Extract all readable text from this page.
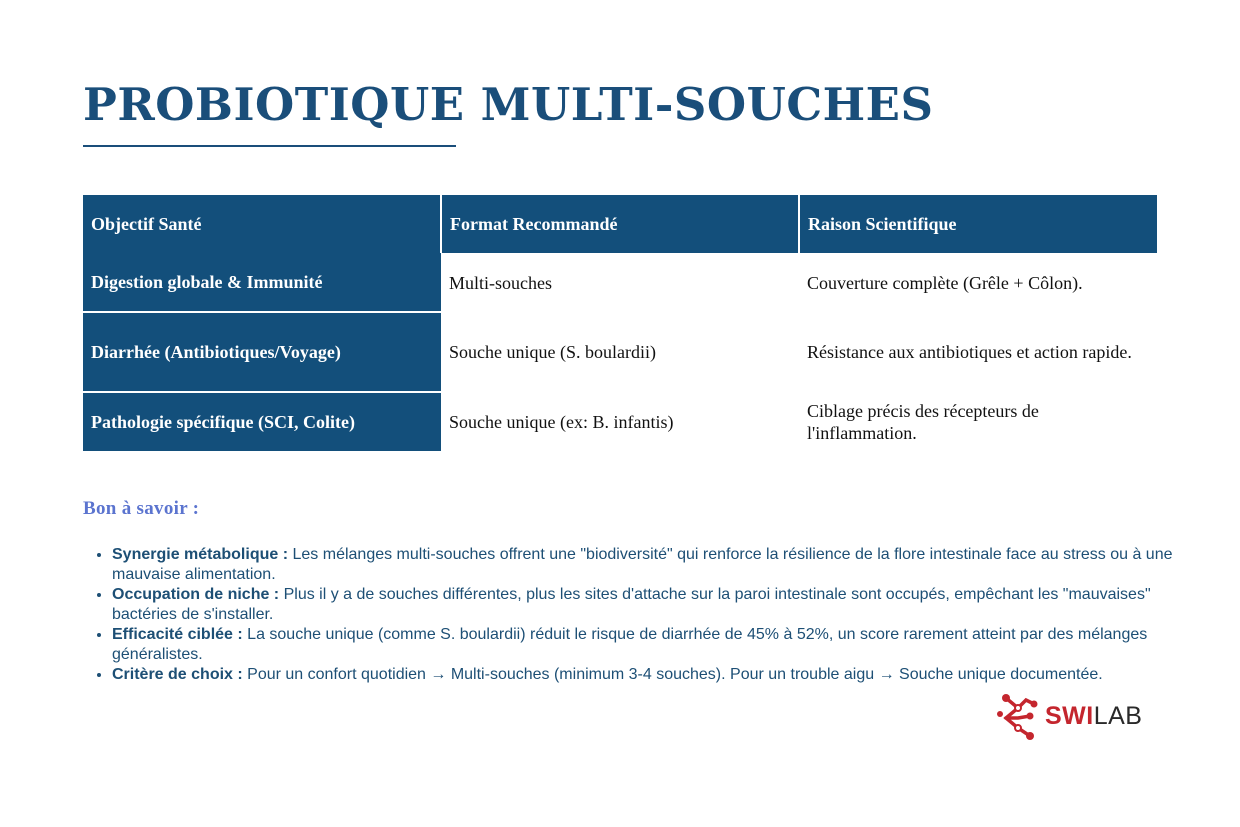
PROBIOTIQUE MULTI-SOUCHES
Objectif Santé	Format Recommandé	Raison Scientifique
Digestion globale & Immunité	Multi-souches	Couverture complète (Grêle + Côlon).
Diarrhée (Antibiotiques/Voyage)	Souche unique (S. boulardii)	Résistance aux antibiotiques et action rapide.
Pathologie spécifique (SCI, Colite)	Souche unique (ex: B. infantis)	Ciblage précis des récepteurs de l'inflammation.
Bon à savoir :
• Synergie métabolique : Les mélanges multi-souches offrent une "biodiversité" qui renforce la résilience de la flore intestinale face au stress ou à une mauvaise alimentation.
• Occupation de niche : Plus il y a de souches différentes, plus les sites d'attache sur la paroi intestinale sont occupés, empêchant les "mauvaises" bactéries de s'installer.
• Efficacité ciblée : La souche unique (comme S. boulardii) réduit le risque de diarrhée de 45% à 52%, un score rarement atteint par des mélanges généralistes.
• Critère de choix : Pour un confort quotidien → Multi-souches (minimum 3-4 souches). Pour un trouble aigu → Souche unique documentée.
SWILAB
